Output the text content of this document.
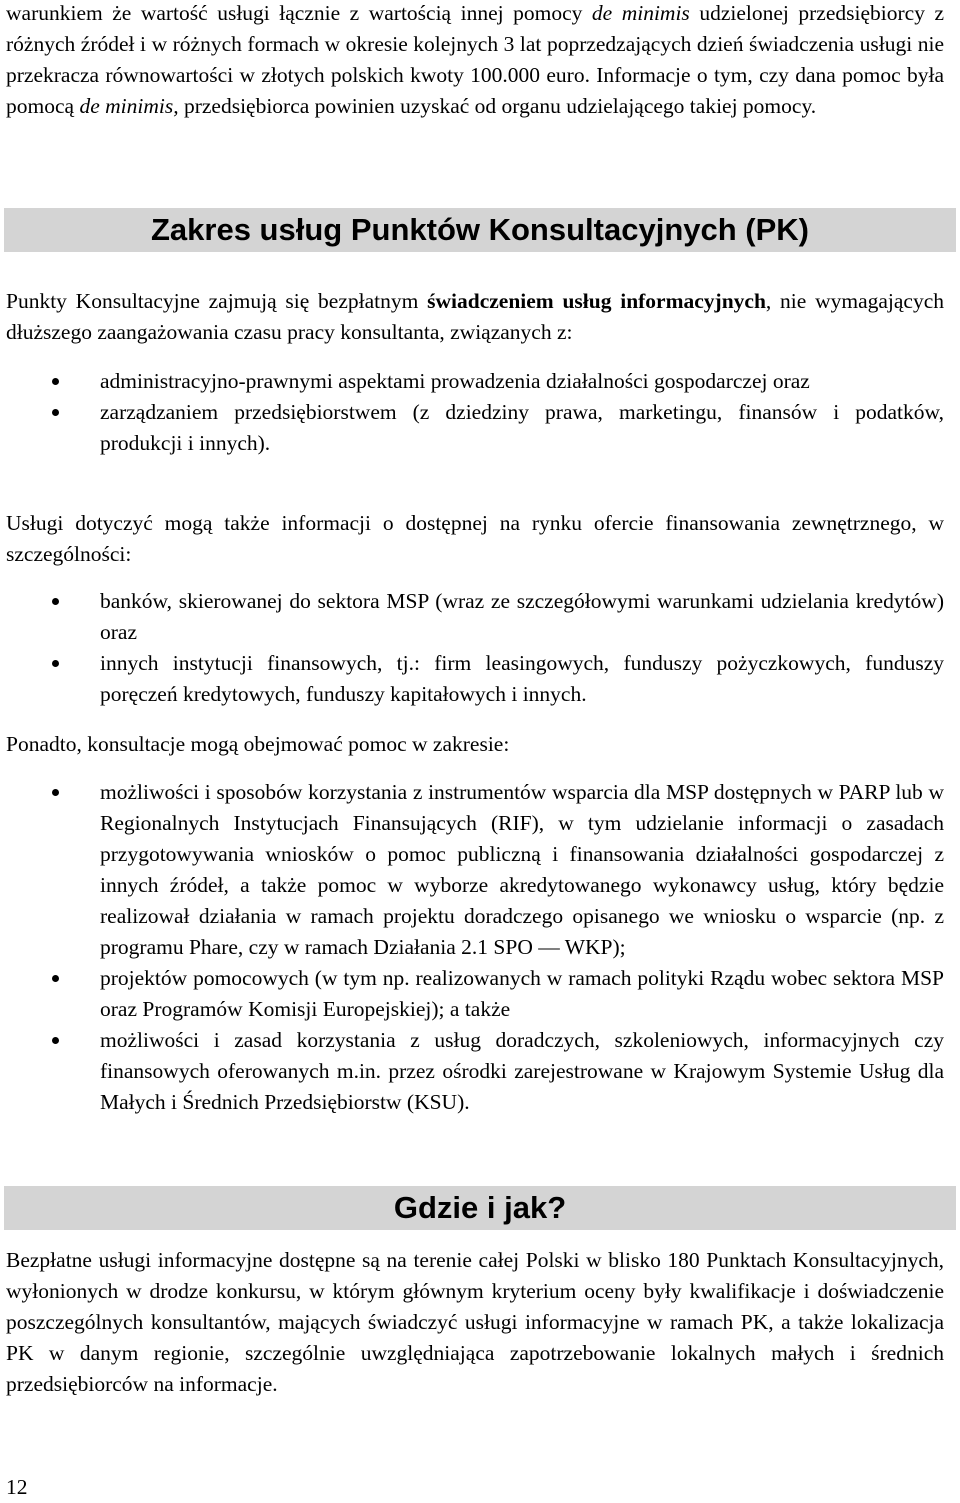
warunkiem że wartość usługi łącznie z wartością innej pomocy de minimis udzielonej przedsiębiorcy z różnych źródeł i w różnych formach w okresie kolejnych 3 lat poprzedzających dzień świadczenia usługi nie przekracza równowartości w złotych polskich kwoty 100.000 euro. Informacje o tym, czy dana pomoc była pomocą de minimis, przedsiębiorca powinien uzyskać od organu udzielającego takiej pomocy.

Zakres usług Punktów Konsultacyjnych (PK)

Punkty Konsultacyjne zajmują się bezpłatnym świadczeniem usług informacyjnych, nie wymagających dłuższego zaangażowania czasu pracy konsultanta, związanych z:

administracyjno-prawnymi aspektami prowadzenia działalności gospodarczej oraz
zarządzaniem przedsiębiorstwem (z dziedziny prawa, marketingu, finansów i podatków, produkcji i innych).

Usługi dotyczyć mogą także informacji o dostępnej na rynku ofercie finansowania zewnętrznego, w szczególności:

banków, skierowanej do sektora MSP (wraz ze szczegółowymi warunkami udzielania kredytów) oraz
innych instytucji finansowych, tj.: firm leasingowych, funduszy pożyczkowych, funduszy poręczeń kredytowych, funduszy kapitałowych i innych.

Ponadto, konsultacje mogą obejmować pomoc w zakresie:

możliwości i sposobów korzystania z instrumentów wsparcia dla MSP dostępnych w PARP lub w Regionalnych Instytucjach Finansujących (RIF), w tym udzielanie informacji o zasadach przygotowywania wniosków o pomoc publiczną i finansowania działalności gospodarczej z innych źródeł, a także pomoc w wyborze akredytowanego wykonawcy usług, który będzie realizował działania w ramach projektu doradczego opisanego we wniosku o wsparcie (np. z programu Phare, czy w ramach Działania 2.1 SPO — WKP);
projektów pomocowych (w tym np. realizowanych w ramach polityki Rządu wobec sektora MSP oraz Programów Komisji Europejskiej); a także
możliwości i zasad korzystania z usług doradczych, szkoleniowych, informacyjnych czy finansowych oferowanych m.in. przez ośrodki zarejestrowane w Krajowym Systemie Usług dla Małych i Średnich Przedsiębiorstw (KSU).
Gdzie i jak?

Bezpłatne usługi informacyjne dostępne są na terenie całej Polski w blisko 180 Punktach Konsultacyjnych, wyłonionych w drodze konkursu, w którym głównym kryterium oceny były kwalifikacje i doświadczenie poszczególnych konsultantów, mających świadczyć usługi informacyjne w ramach PK, a także lokalizacja PK w danym regionie, szczególnie uwzględniająca zapotrzebowanie lokalnych małych i średnich przedsiębiorców na informacje.

12
